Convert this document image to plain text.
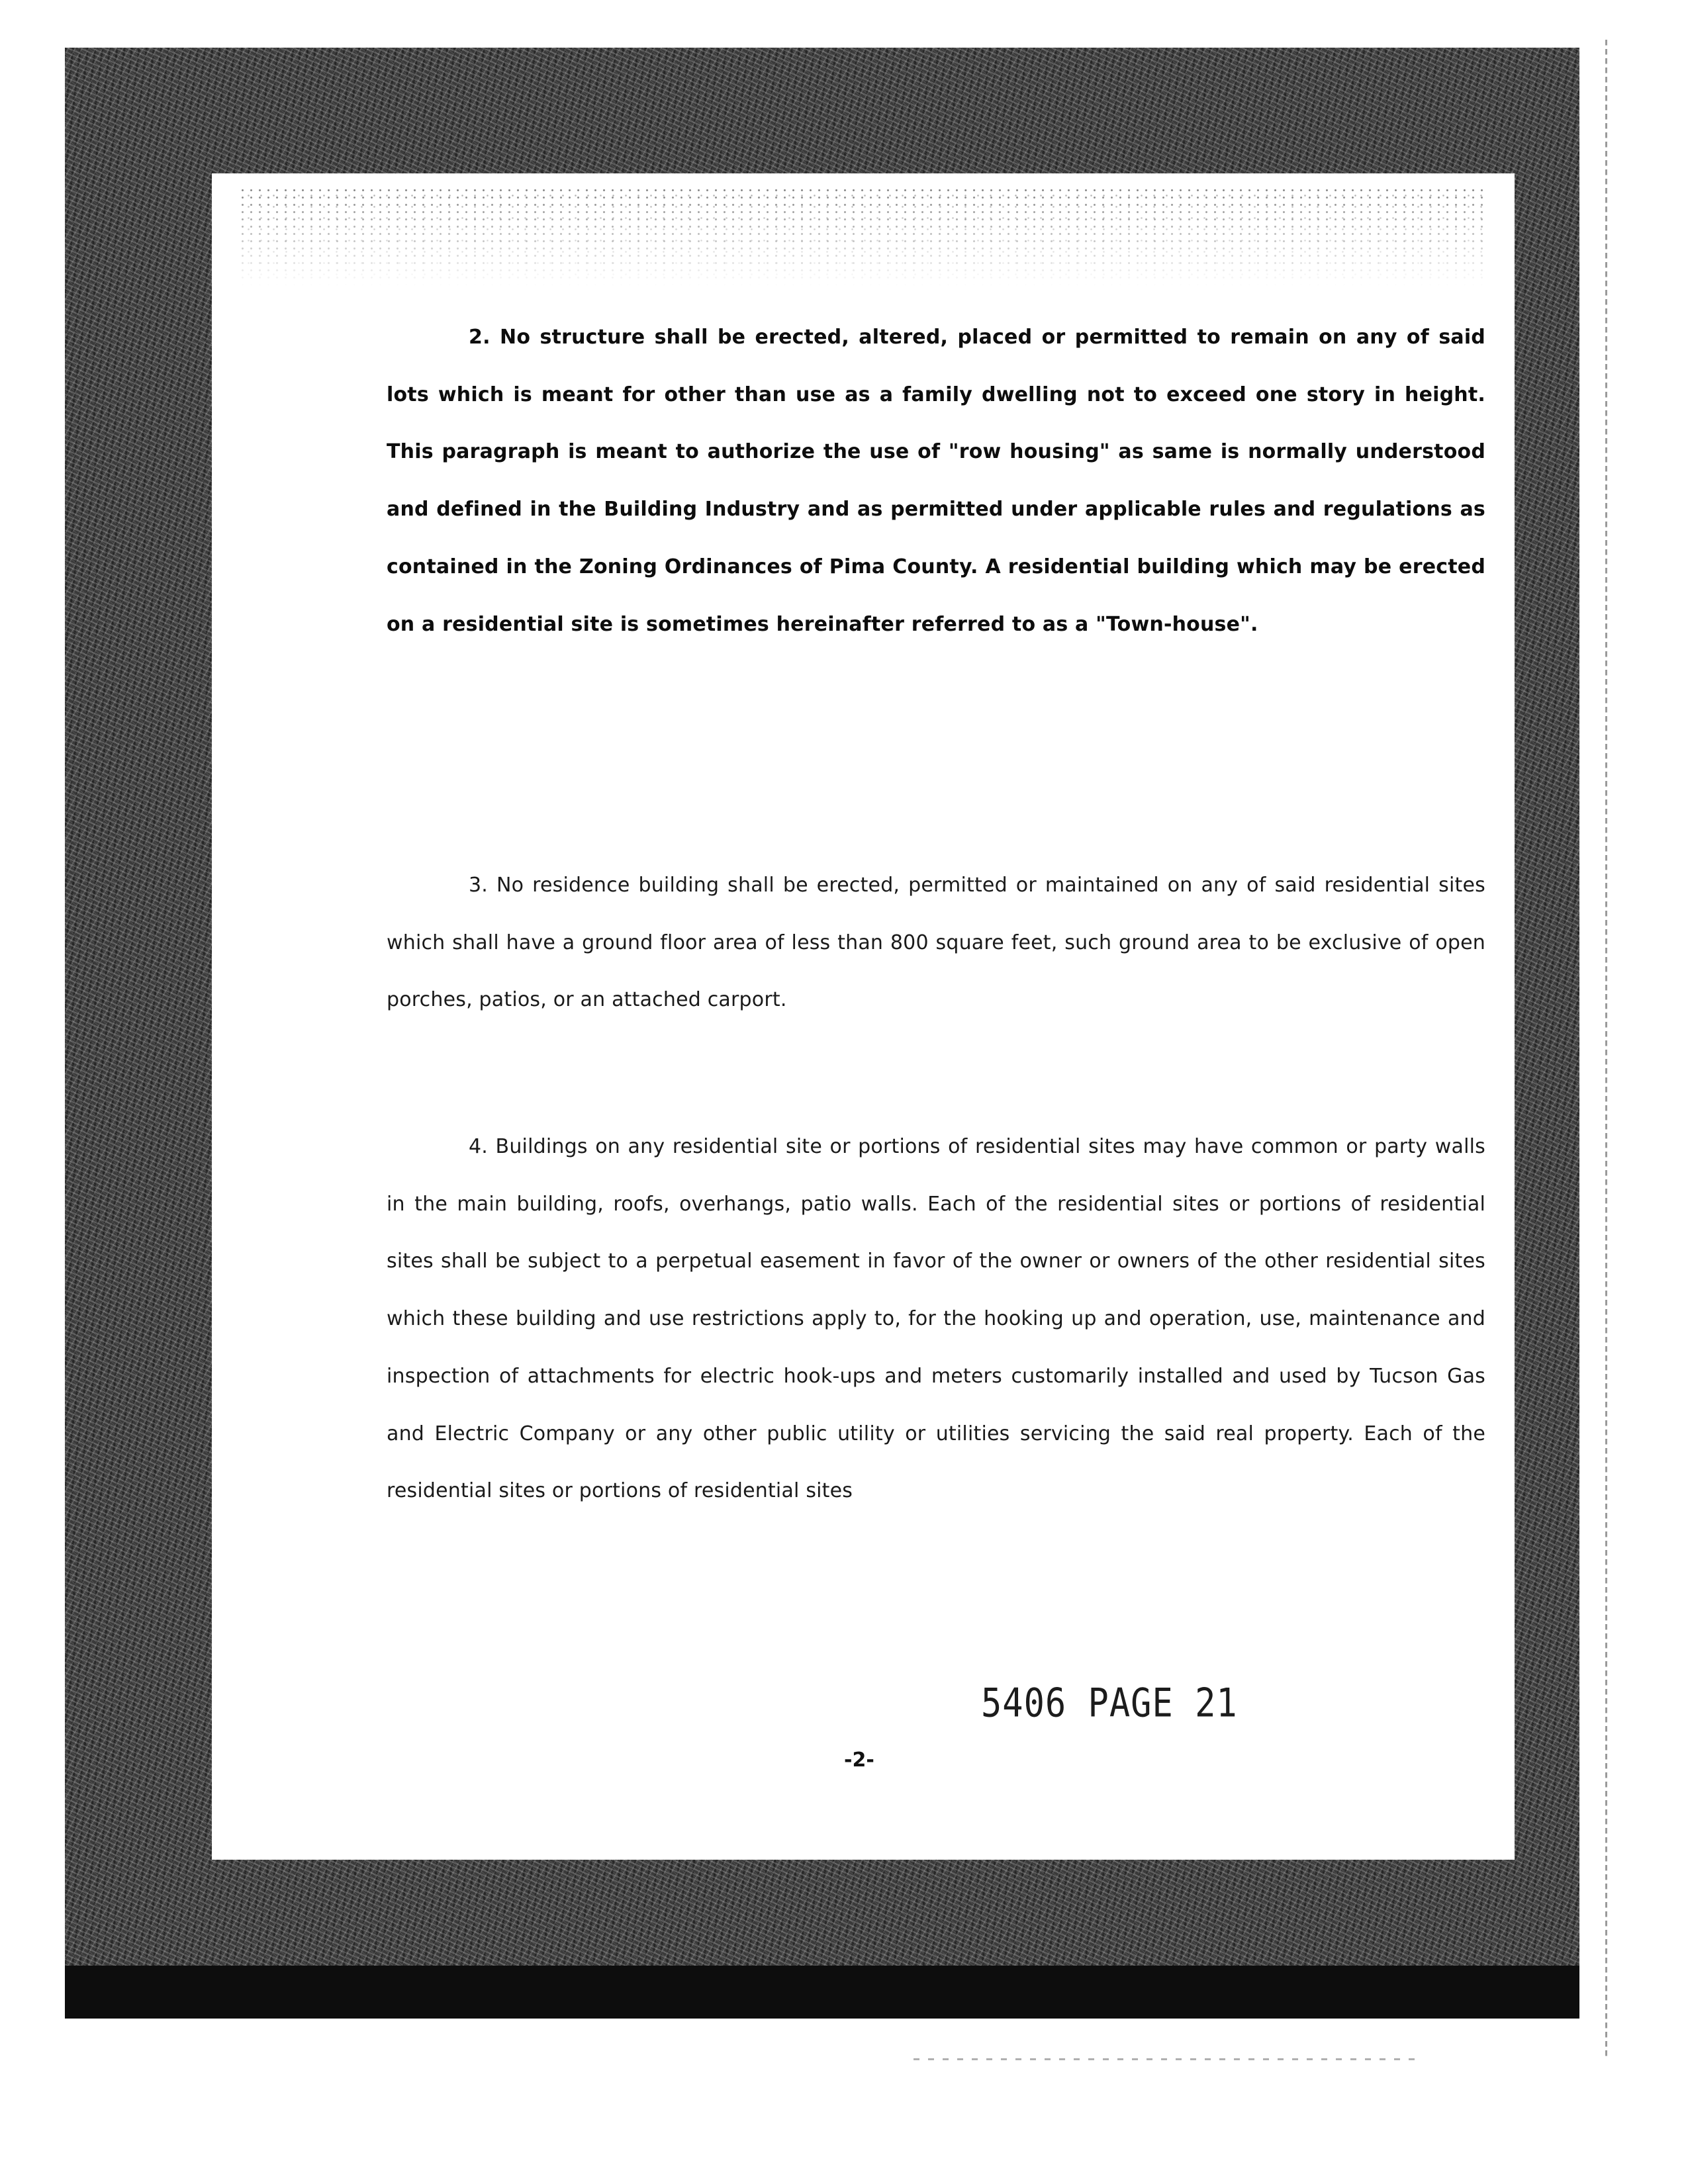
2. No structure shall be erected, altered, placed or permitted to remain on any of said lots which is meant for other than use as a family dwelling not to exceed one story in height. This paragraph is meant to authorize the use of "row housing" as same is normally understood and defined in the Building Industry and as permitted under applicable rules and regulations as contained in the Zoning Ordinances of Pima County. A residential building which may be erected on a residential site is sometimes hereinafter referred to as a "Town-house".

3. No residence building shall be erected, permitted or maintained on any of said residential sites which shall have a ground floor area of less than 800 square feet, such ground area to be exclusive of open porches, patios, or an attached carport.

4. Buildings on any residential site or portions of residential sites may have common or party walls in the main building, roofs, overhangs, patio walls. Each of the residential sites or portions of residential sites shall be subject to a perpetual easement in favor of the owner or owners of the other residential sites which these building and use restrictions apply to, for the hooking up and operation, use, maintenance and inspection of attachments for electric hook-ups and meters customarily installed and used by Tucson Gas and Electric Company or any other public utility or utilities servicing the said real property. Each of the residential sites or portions of residential sites

5406 PAGE 21
-2-
